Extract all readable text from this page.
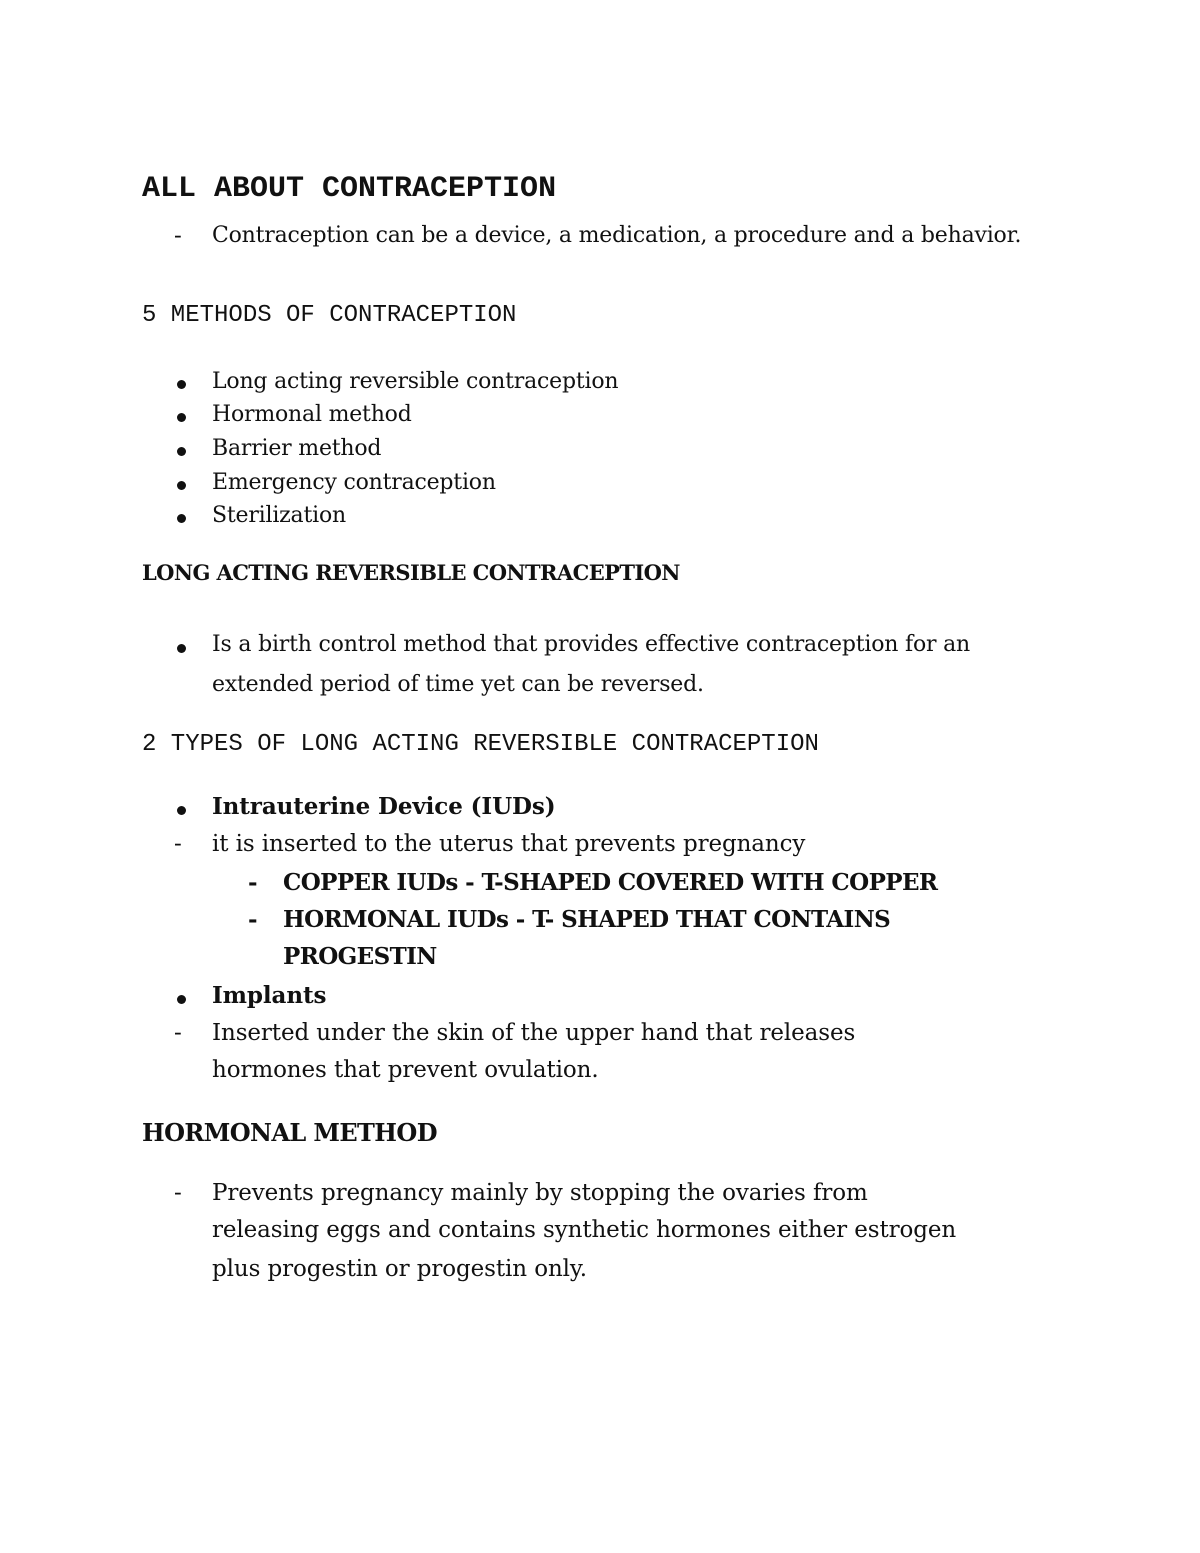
ALL ABOUT CONTRACEPTION
- Contraception can be a device, a medication, a procedure and a behavior.
5 METHODS OF CONTRACEPTION
Long acting reversible contraception
Hormonal method
Barrier method
Emergency contraception
Sterilization
LONG ACTING REVERSIBLE CONTRACEPTION
Is a birth control method that provides effective contraception for an
extended period of time yet can be reversed.
2 TYPES OF LONG ACTING REVERSIBLE CONTRACEPTION
Intrauterine Device (IUDs)
- it is inserted to the uterus that prevents pregnancy
- COPPER IUDs - T-SHAPED COVERED WITH COPPER
- HORMONAL IUDs - T- SHAPED THAT CONTAINS
PROGESTIN
Implants
- Inserted under the skin of the upper hand that releases
hormones that prevent ovulation.
HORMONAL METHOD
- Prevents pregnancy mainly by stopping the ovaries from
releasing eggs and contains synthetic hormones either estrogen
plus progestin or progestin only.
